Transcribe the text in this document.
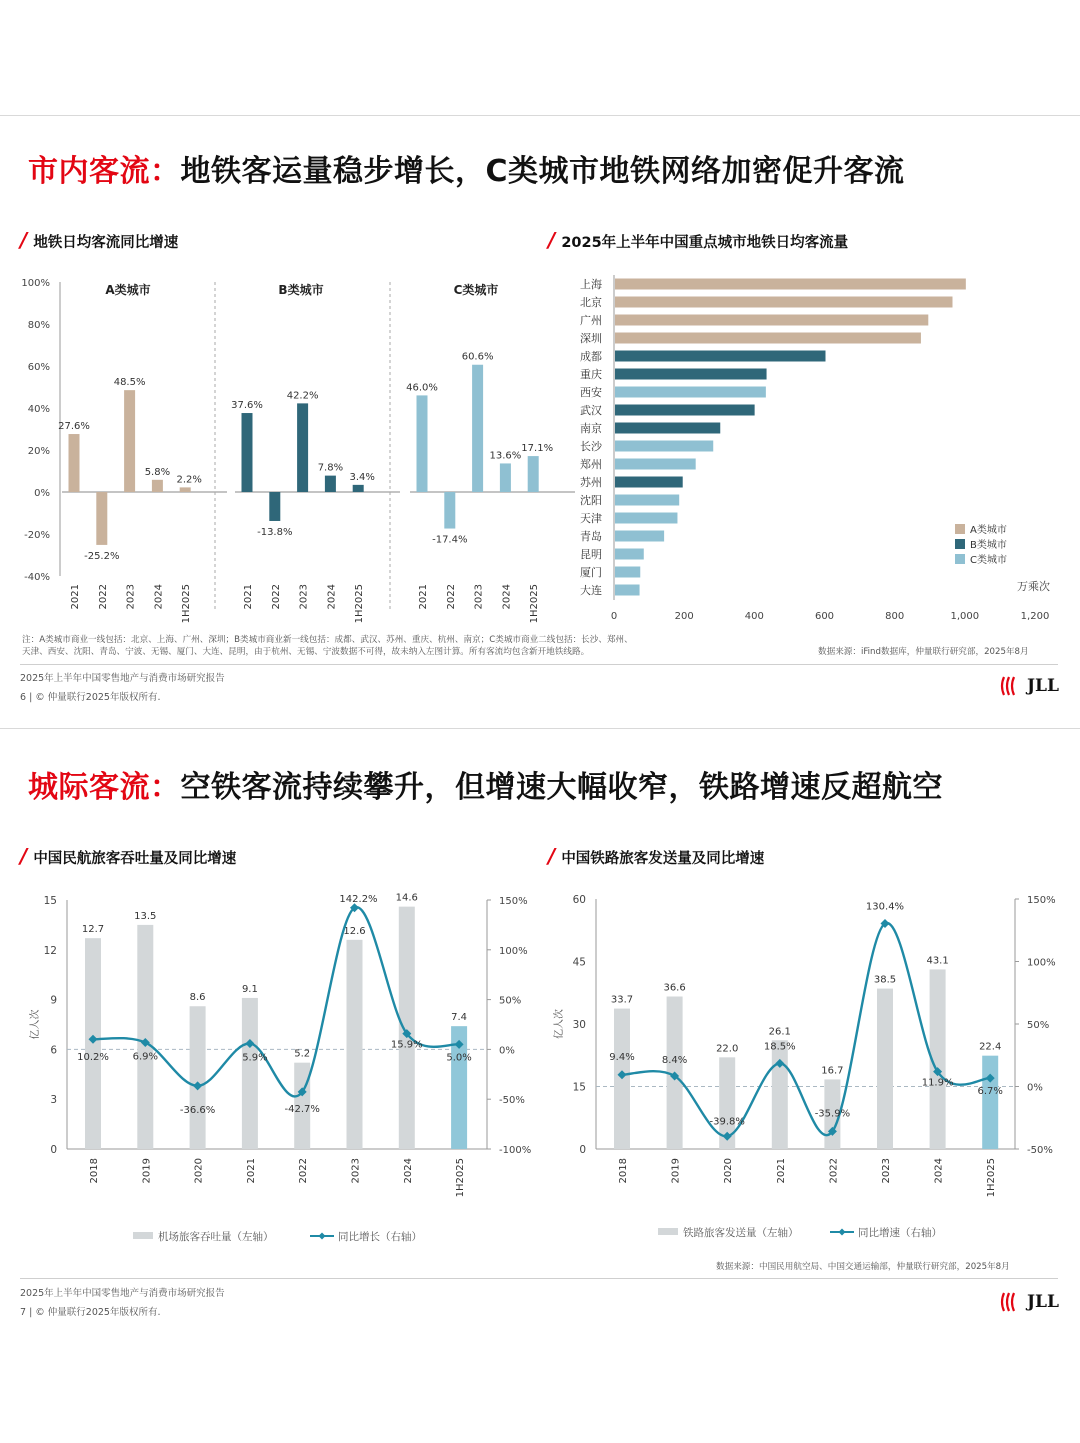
市内客流：地铁客运量稳步增长，C类城市地铁网络加密促升客流
/ 地铁日均客流同比增速	/ 2025年上半年中国重点城市地铁日均客流量
100%
80%
60%
40%
20%
0%
-20%
-40%
A类城市
27.6%
2021
-25.2%
2022
48.5%
2023
5.8%
2024
2.2%
1H2025
B类城市
37.6%
2021
-13.8%
2022
42.2%
2023
7.8%
2024
3.4%
1H2025
C类城市
46.0%
2021
-17.4%
2022
60.6%
2023
13.6%
2024
17.1%
1H2025
上海
北京
广州
深圳
成都
重庆
西安
武汉
南京
长沙
郑州
苏州
沈阳
天津
青岛
昆明
厦门
大连
0	200	400	600	800	1,000	1,200
A类城市
B类城市
C类城市
万乘次
注：A类城市商业一线包括：北京、上海、广州、深圳；B类城市商业新一线包括：成都、武汉、苏州、重庆、杭州、南京；C类城市商业二线包括：长沙、郑州、
天津、西安、沈阳、青岛、宁波、无锡、厦门、大连、昆明，由于杭州、无锡、宁波数据不可得，故未纳入左图计算。所有客流均包含新开地铁线路。	数据来源：iFind数据库，仲量联行研究部，2025年8月
2025年上半年中国零售地产与消费市场研究报告
6 | © 仲量联行2025年版权所有.
JLL
城际客流：空铁客流持续攀升，但增速大幅收窄，铁路增速反超航空
/ 中国民航旅客吞吐量及同比增速	/ 中国铁路旅客发送量及同比增速
15
12
9
6
3
0
150%
100%
50%
0%
-50%
-100%
亿人次
12.7
2018
13.5
2019
8.6
2020
9.1
2021
5.2
2022
12.6
2023
14.6
2024
7.4
1H2025
10.2% 6.9%
-36.6%
5.9%
-42.7%
142.2%
15.9%
5.0%
机场旅客吞吐量（左轴）	同比增长（右轴）
60
45
30
15
0
150%
100%
50%
0%
-50%
亿人次
33.7
2018
36.6
2019
22.0
2020
26.1
2021
16.7
2022
38.5
2023
43.1
2024
22.4
1H2025
9.4%	8.4%
-39.8%
18.5%
-35.9%
130.4%
11.9%
6.7%
铁路旅客发送量（左轴）	同比增速（右轴）
数据来源：中国民用航空局、中国交通运输部，仲量联行研究部，2025年8月
2025年上半年中国零售地产与消费市场研究报告
7 | © 仲量联行2025年版权所有.
JLL
